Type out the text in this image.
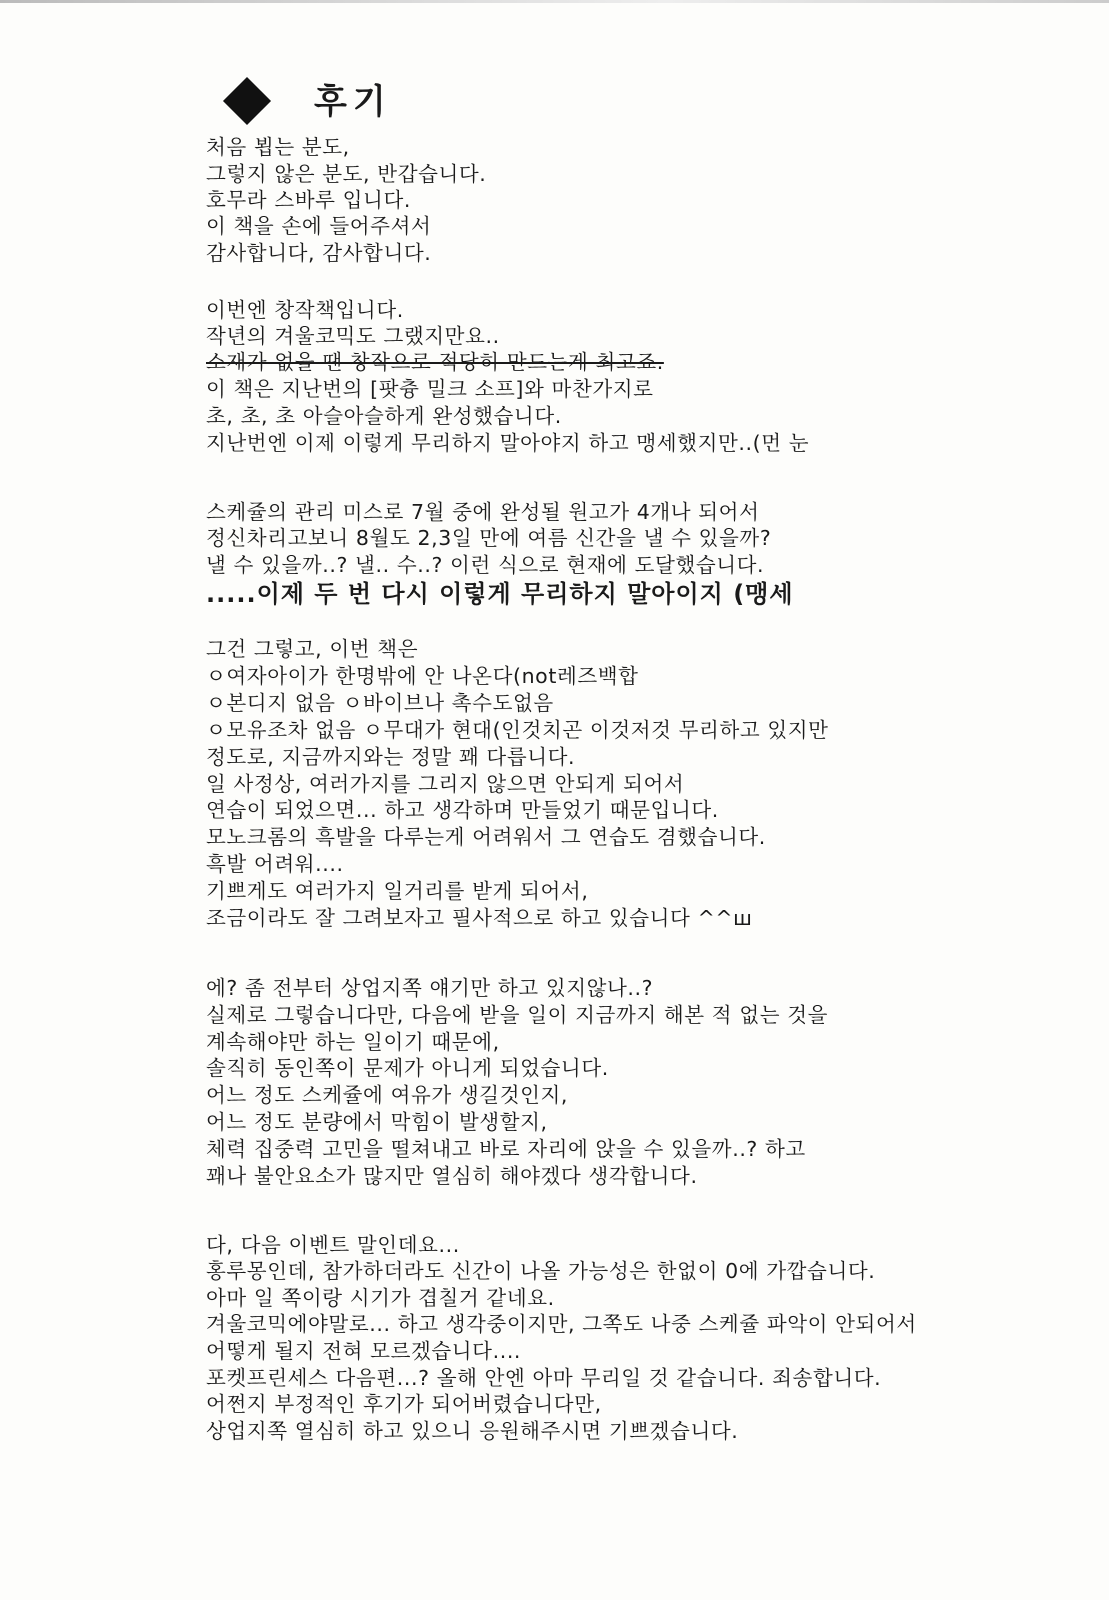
후기
처음 뵙는 분도,
그렇지 않은 분도, 반갑습니다.
호무라 스바루 입니다.
이 책을 손에 들어주셔서
감사합니다, 감사합니다.
이번엔 창작책입니다.
작년의 겨울코믹도 그랬지만요..
소재가 없을 땐 창작으로 적당히 만드는게 최고죠.
이 책은 지난번의 [팟츙 밀크 소프]와 마찬가지로
초, 초, 초 아슬아슬하게 완성했습니다.
지난번엔 이제 이렇게 무리하지 말아야지 하고 맹세했지만..(먼 눈
스케쥴의 관리 미스로 7월 중에 완성될 원고가 4개나 되어서
정신차리고보니 8월도 2,3일 만에 여름 신간을 낼 수 있을까?
낼 수 있을까..? 낼.. 수..? 이런 식으로 현재에 도달했습니다.
.....이제 두 번 다시 이렇게 무리하지 말아이지 (맹세
그건 그렇고, 이번 책은
ㅇ여자아이가 한명밖에 안 나온다(not레즈백합
ㅇ본디지 없음 ㅇ바이브나 촉수도없음
ㅇ모유조차 없음 ㅇ무대가 현대(인것치곤 이것저것 무리하고 있지만
정도로, 지금까지와는 정말 꽤 다릅니다.
일 사정상, 여러가지를 그리지 않으면 안되게 되어서
연습이 되었으면... 하고 생각하며 만들었기 때문입니다.
모노크롬의 흑발을 다루는게 어려워서 그 연습도 겸했습니다.
흑발 어려워....
기쁘게도 여러가지 일거리를 받게 되어서,
조금이라도 잘 그려보자고 필사적으로 하고 있습니다 ^^ш
에? 좀 전부터 상업지쪽 얘기만 하고 있지않나..?
실제로 그렇습니다만, 다음에 받을 일이 지금까지 해본 적 없는 것을
계속해야만 하는 일이기 때문에,
솔직히 동인쪽이 문제가 아니게 되었습니다.
어느 정도 스케쥴에 여유가 생길것인지,
어느 정도 분량에서 막힘이 발생할지,
체력 집중력 고민을 떨쳐내고 바로 자리에 앉을 수 있을까..? 하고
꽤나 불안요소가 많지만 열심히 해야겠다 생각합니다.
다, 다음 이벤트 말인데요...
홍루몽인데, 참가하더라도 신간이 나올 가능성은 한없이 0에 가깝습니다.
아마 일 쪽이랑 시기가 겹칠거 같네요.
겨울코믹에야말로... 하고 생각중이지만, 그쪽도 나중 스케쥴 파악이 안되어서
어떻게 될지 전혀 모르겠습니다....
포켓프린세스 다음편...? 올해 안엔 아마 무리일 것 같습니다. 죄송합니다.
어쩐지 부정적인 후기가 되어버렸습니다만,
상업지쪽 열심히 하고 있으니 응원해주시면 기쁘겠습니다.
